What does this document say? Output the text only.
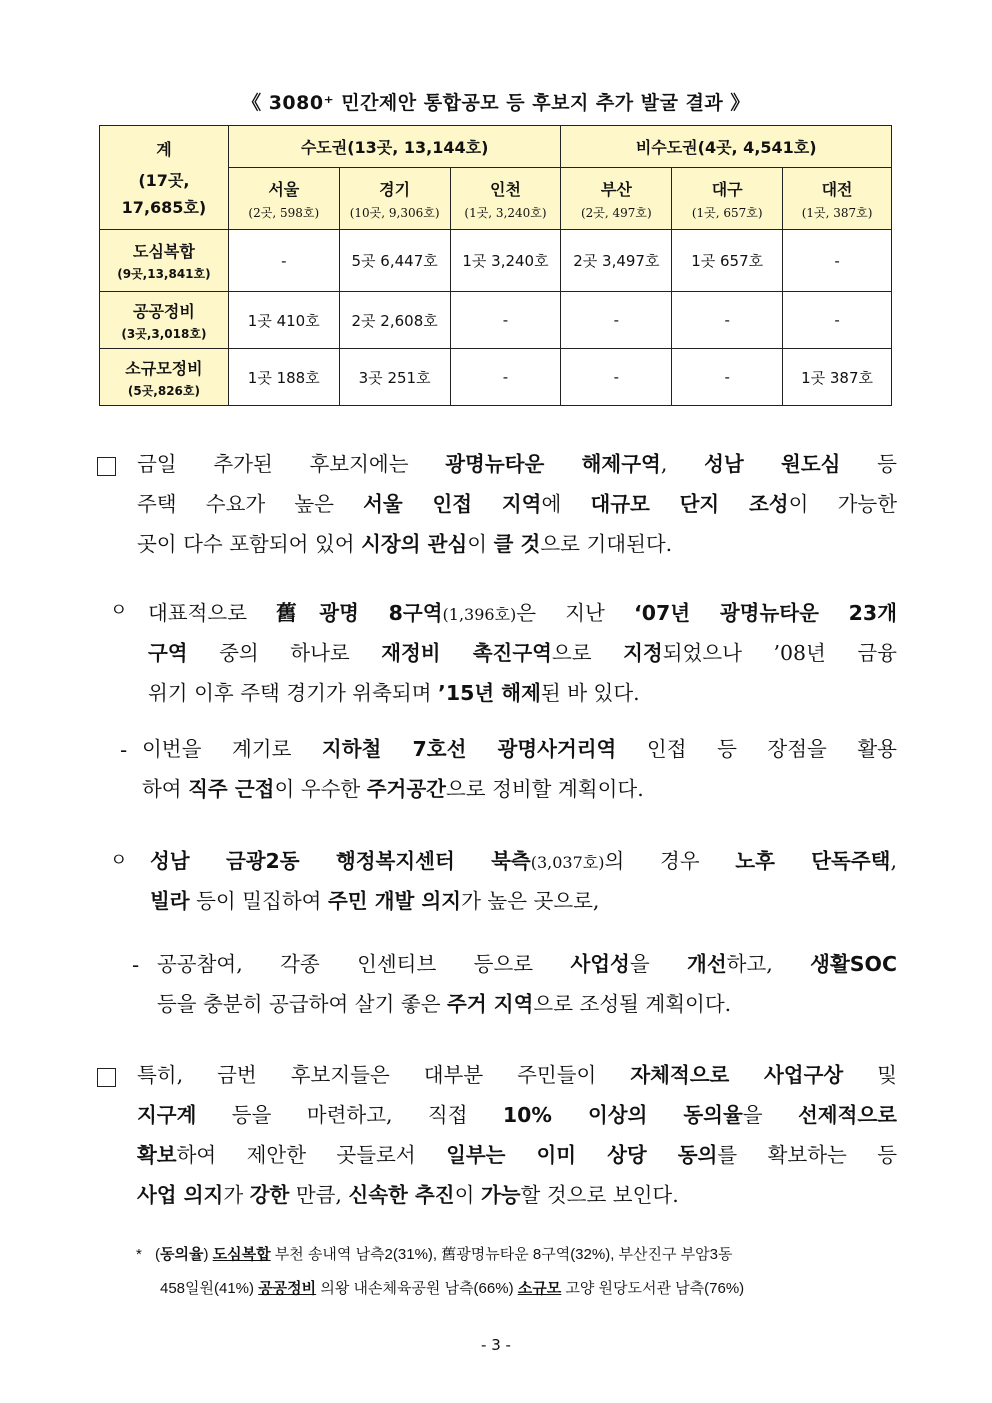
《 3080⁺ 민간제안 통합공모 등 후보지 추가 발굴 결과 》
계
(17곳,
17,685호)	수도권(13곳, 13,144호)			비수도권(4곳, 4,541호)		

	서울
(2곳, 598호)	경기
(10곳, 9,306호)	인천
(1곳, 3,240호)	부산
(2곳, 497호)	대구
(1곳, 657호)	대전
(1곳, 387호)

도심복합
(9곳,13,841호)	-	5곳 6,447호	1곳 3,240호	2곳 3,497호	1곳 657호	-

공공정비
(3곳,3,018호)	1곳 410호	2곳 2,608호	-	-	-	-

소규모정비
(5곳,826호)	1곳 188호	3곳 251호	-	-	-	1곳 387호
금일 추가된 후보지에는 광명뉴타운 해제구역, 성남 원도심 등
주택 수요가 높은 서울 인접 지역에 대규모 단지 조성이 가능한
곳이 다수 포함되어 있어 시장의 관심이 클 것으로 기대된다.
ㅇ 대표적으로 舊광명 8구역(1,396호)은 지난 ‘07년 광명뉴타운 23개
구역 중의 하나로 재정비 촉진구역으로 지정되었으나 ’08년 금융
위기 이후 주택 경기가 위축되며 ’15년 해제된 바 있다.
- 이번을 계기로 지하철 7호선 광명사거리역 인접 등 장점을 활용
하여 직주 근접이 우수한 주거공간으로 정비할 계획이다.
ㅇ 성남 금광2동 행정복지센터 북측(3,037호)의 경우 노후 단독주택,
빌라 등이 밀집하여 주민 개발 의지가 높은 곳으로,
- 공공참여, 각종 인센티브 등으로 사업성을 개선하고, 생활SOC
등을 충분히 공급하여 살기 좋은 주거 지역으로 조성될 계획이다.
특히, 금번 후보지들은 대부분 주민들이 자체적으로 사업구상 및
지구계 등을 마련하고, 직접 10% 이상의 동의율을 선제적으로
확보하여 제안한 곳들로서 일부는 이미 상당 동의를 확보하는 등
사업 의지가 강한 만큼, 신속한 추진이 가능할 것으로 보인다.
* (동의율) 도심복합 부천 송내역 남측2(31%), 舊광명뉴타운 8구역(32%), 부산진구 부암3동
458일원(41%) 공공정비 의왕 내손체육공원 남측(66%) 소규모 고양 원당도서관 남측(76%)
- 3 -
